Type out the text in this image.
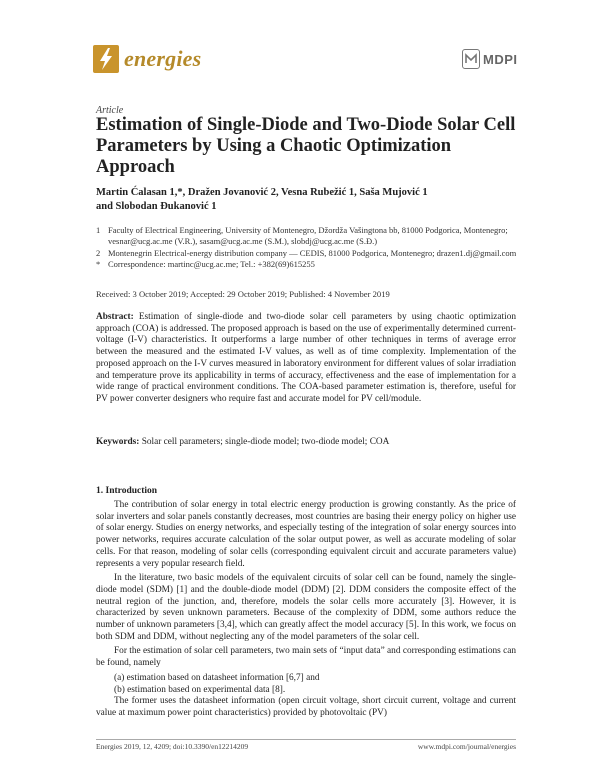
energies	MDPI
Article
Estimation of Single-Diode and Two-Diode Solar Cell Parameters by Using a Chaotic Optimization Approach
Martin Ćalasan 1,*, Dražen Jovanović 2, Vesna Rubežić 1, Saša Mujović 1
and Slobodan Đukanović 1
1 Faculty of Electrical Engineering, University of Montenegro, Džordža Vašingtona bb, 81000 Podgorica, Montenegro; vesnar@ucg.ac.me (V.R.), sasam@ucg.ac.me (S.M.), slobdj@ucg.ac.me (S.Đ.)
2 Montenegrin Electrical-energy distribution company — CEDIS, 81000 Podgorica, Montenegro; drazen1.dj@gmail.com
* Correspondence: martinc@ucg.ac.me; Tel.: +382(69)615255
Received: 3 October 2019; Accepted: 29 October 2019; Published: 4 November 2019
Abstract: Estimation of single-diode and two-diode solar cell parameters by using chaotic optimization approach (COA) is addressed. The proposed approach is based on the use of experimentally determined current-voltage (I-V) characteristics. It outperforms a large number of other techniques in terms of average error between the measured and the estimated I-V values, as well as of time complexity. Implementation of the proposed approach on the I-V curves measured in laboratory environment for different values of solar irradiation and temperature prove its applicability in terms of accuracy, effectiveness and the ease of implementation for a wide range of practical environment conditions. The COA-based parameter estimation is, therefore, useful for PV power converter designers who require fast and accurate model for PV cell/module.
Keywords: Solar cell parameters; single-diode model; two-diode model; COA
1. Introduction

The contribution of solar energy in total electric energy production is growing constantly. As the price of solar inverters and solar panels constantly decreases, most countries are basing their energy policy on higher use of solar energy. Studies on energy networks, and especially testing of the integration of solar energy sources into power networks, requires accurate calculation of the solar output power, as well as accurate modeling of solar cells. For that reason, modeling of solar cells (corresponding equivalent circuit and accurate parameters value) represents a very popular research field.

In the literature, two basic models of the equivalent circuits of solar cell can be found, namely the single-diode model (SDM) [1] and the double-diode model (DDM) [2]. DDM considers the composite effect of the neutral region of the junction, and, therefore, models the solar cells more accurately [3]. However, it is characterized by seven unknown parameters. Because of the complexity of DDM, some authors reduce the number of unknown parameters [3,4], which can greatly affect the model accuracy [5]. In this work, we focus on both SDM and DDM, without neglecting any of the model parameters of the solar cell.

For the estimation of solar cell parameters, two main sets of “input data” and corresponding estimations can be found, namely

(a) estimation based on datasheet information [6,7] and

(b) estimation based on experimental data [8].

The former uses the datasheet information (open circuit voltage, short circuit current, voltage and current value at maximum power point characteristics) provided by photovoltaic (PV)

Energies 2019, 12, 4209; doi:10.3390/en12214209	www.mdpi.com/journal/energies
